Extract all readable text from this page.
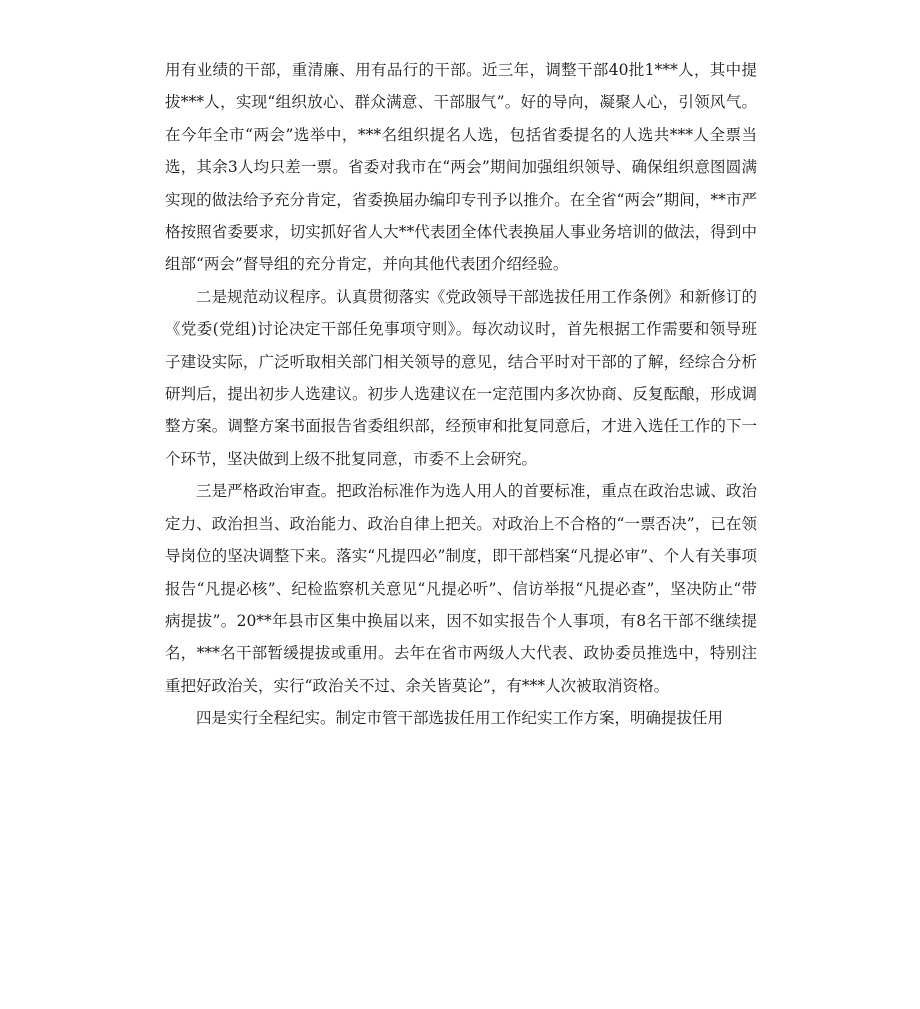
用有业绩的干部，重清廉、用有品行的干部。近三年，调整干部40批1***人，其中提拔***人，实现“组织放心、群众满意、干部服气”。好的导向，凝聚人心，引领风气。在今年全市“两会”选举中，***名组织提名人选，包括省委提名的人选共***人全票当选，其余3人均只差一票。省委对我市在“两会”期间加强组织领导、确保组织意图圆满实现的做法给予充分肯定，省委换届办编印专刊予以推介。在全省“两会”期间，**市严格按照省委要求，切实抓好省人大**代表团全体代表换届人事业务培训的做法，得到中组部“两会”督导组的充分肯定，并向其他代表团介绍经验。

二是规范动议程序。认真贯彻落实《党政领导干部选拔任用工作条例》和新修订的《党委(党组)讨论决定干部任免事项守则》。每次动议时，首先根据工作需要和领导班子建设实际，广泛听取相关部门相关领导的意见，结合平时对干部的了解，经综合分析研判后，提出初步人选建议。初步人选建议在一定范围内多次协商、反复酝酿，形成调整方案。调整方案书面报告省委组织部，经预审和批复同意后，才进入选任工作的下一个环节，坚决做到上级不批复同意，市委不上会研究。

三是严格政治审查。把政治标准作为选人用人的首要标准，重点在政治忠诚、政治定力、政治担当、政治能力、政治自律上把关。对政治上不合格的“一票否决”，已在领导岗位的坚决调整下来。落实“凡提四必”制度，即干部档案“凡提必审”、个人有关事项报告“凡提必核”、纪检监察机关意见“凡提必听”、信访举报“凡提必查”，坚决防止“带病提拔”。20**年县市区集中换届以来，因不如实报告个人事项，有8名干部不继续提名，***名干部暂缓提拔或重用。去年在省市两级人大代表、政协委员推选中，特别注重把好政治关，实行“政治关不过、余关皆莫论”，有***人次被取消资格。

四是实行全程纪实。制定市管干部选拔任用工作纪实工作方案，明确提拔任用
